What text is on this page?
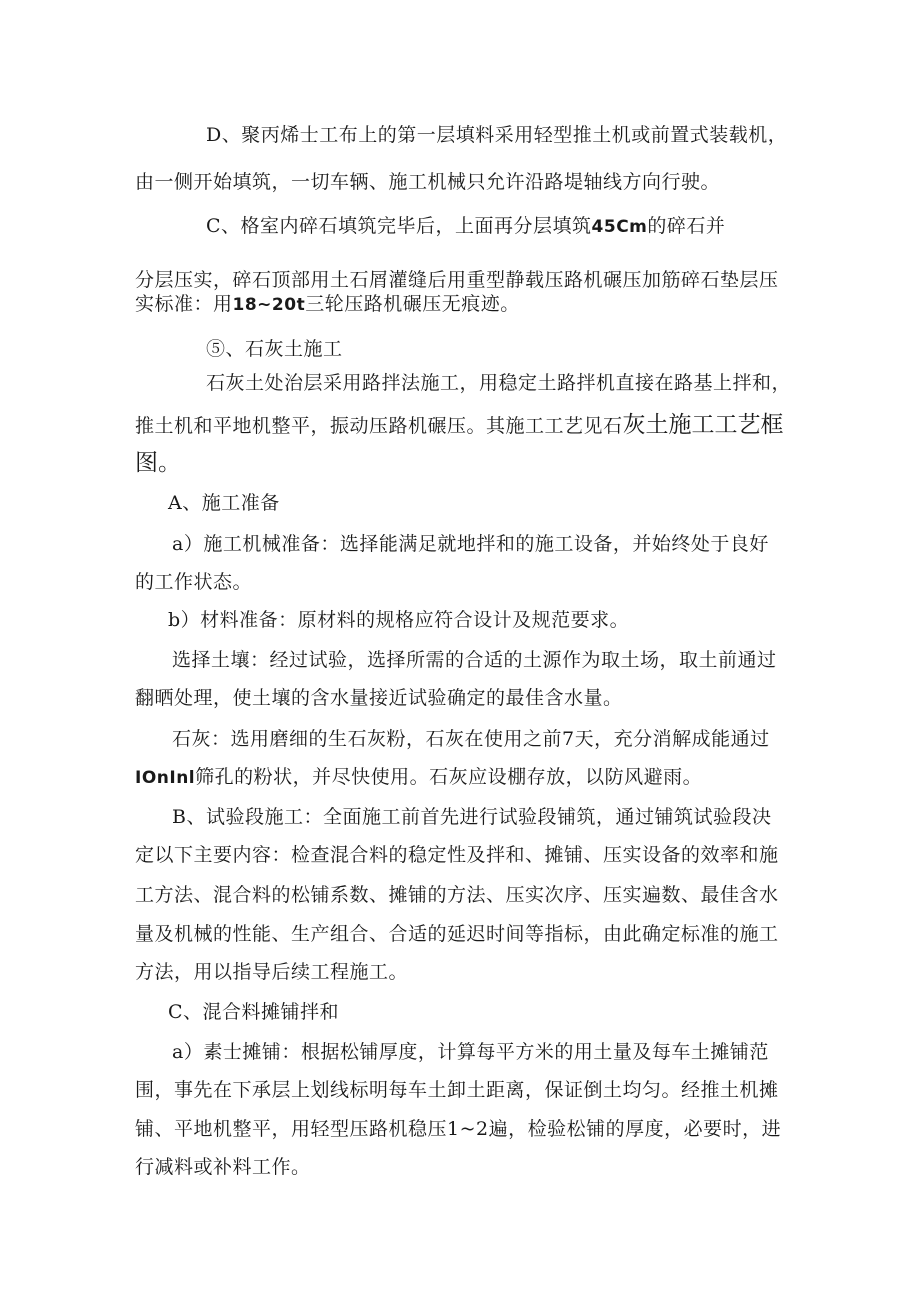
D、聚丙烯士工布上的第一层填料采用轻型推土机或前置式装载机，
由一侧开始填筑，一切车辆、施工机械只允许沿路堤轴线方向行驶。
C、格室内碎石填筑完毕后，上面再分层填筑45Cm的碎石并
分层压实，碎石顶部用土石屑灌缝后用重型静载压路机碾压加筋碎石垫层压
实标准：用18~20t三轮压路机碾压无痕迹。
⑤、石灰土施工
石灰土处治层采用路拌法施工，用稳定土路拌机直接在路基上拌和，
推土机和平地机整平，振动压路机碾压。其施工工艺见石灰土施工工艺框
图。
A、施工准备
a）施工机械准备：选择能满足就地拌和的施工设备，并始终处于良好
的工作状态。
b）材料准备：原材料的规格应符合设计及规范要求。
选择土壤：经过试验，选择所需的合适的土源作为取土场，取土前通过
翻晒处理，使土壤的含水量接近试验确定的最佳含水量。
石灰：选用磨细的生石灰粉，石灰在使用之前7天，充分消解成能通过
IOnInl筛孔的粉状，并尽快使用。石灰应设棚存放，以防风避雨。
B、试验段施工：全面施工前首先进行试验段铺筑，通过铺筑试验段决
定以下主要内容：检查混合料的稳定性及拌和、摊铺、压实设备的效率和施
工方法、混合料的松铺系数、摊铺的方法、压实次序、压实遍数、最佳含水
量及机械的性能、生产组合、合适的延迟时间等指标，由此确定标准的施工
方法，用以指导后续工程施工。
C、混合料摊铺拌和
a）素士摊铺：根据松铺厚度，计算每平方米的用土量及每车土摊铺范
围，事先在下承层上划线标明每车土卸土距离，保证倒土均匀。经推土机摊
铺、平地机整平，用轻型压路机稳压1~2遍，检验松铺的厚度，必要时，进
行减料或补料工作。
